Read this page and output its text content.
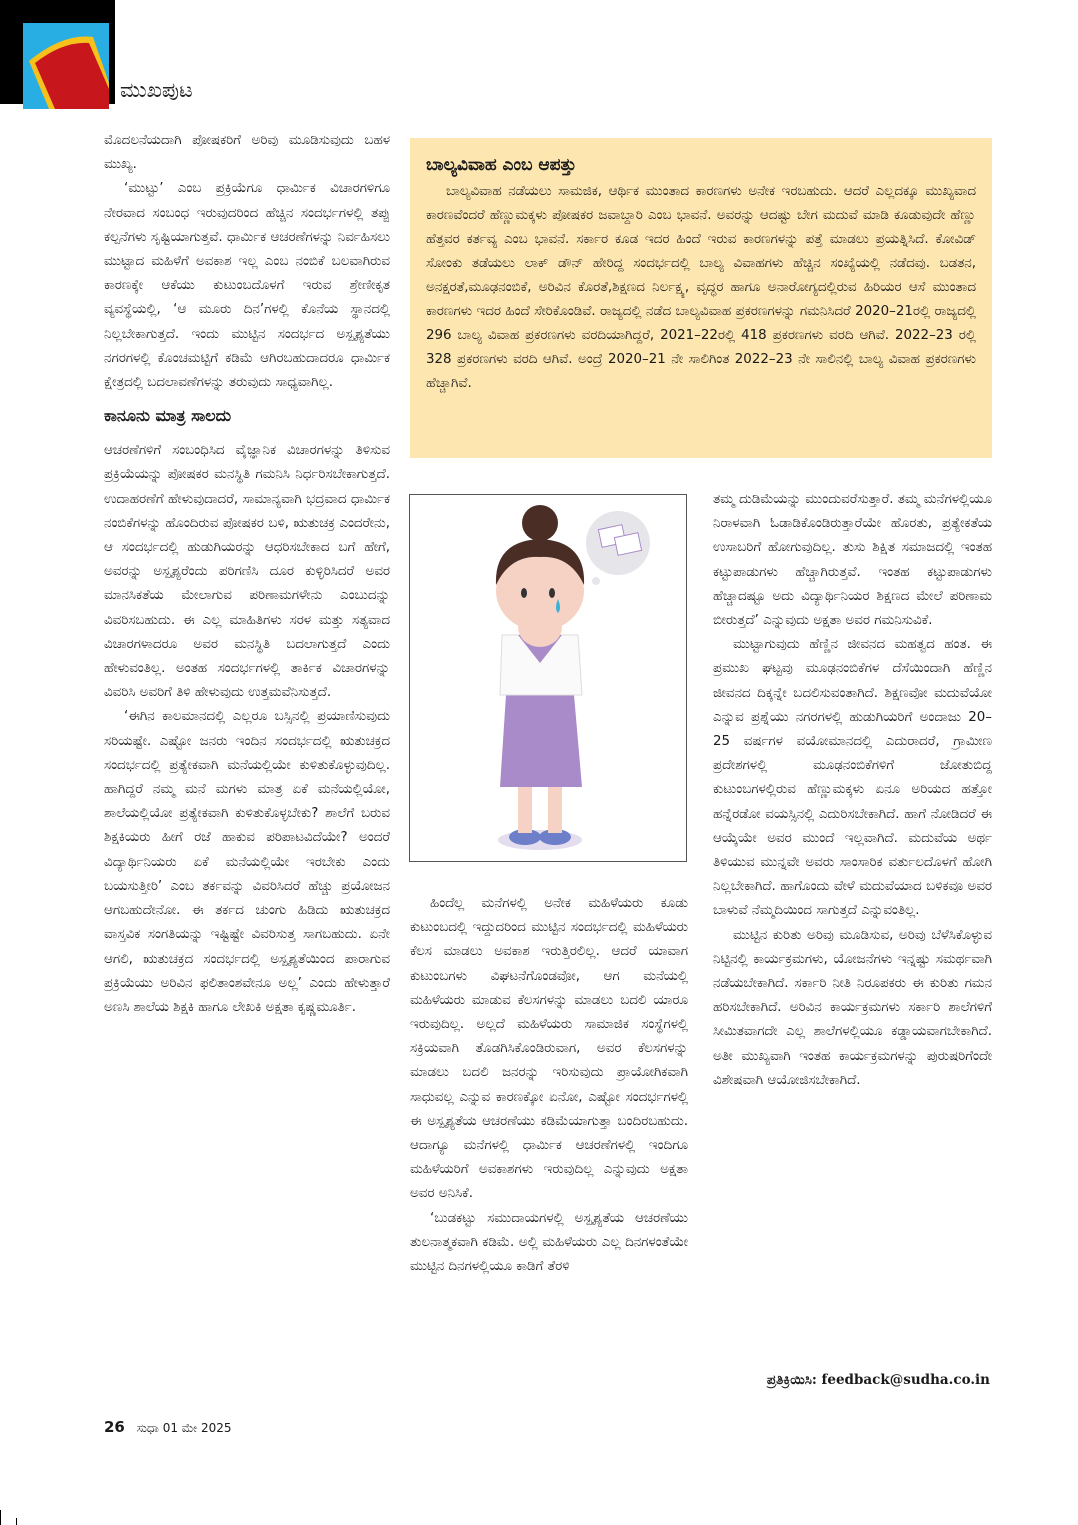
ಮುಖಪುಟ

ಮೊದಲನೆಯದಾಗಿ ಪೋಷಕರಿಗೆ ಅರಿವು ಮೂಡಿಸುವುದು ಬಹಳ ಮುಖ್ಯ.

‘ಮುಟ್ಟು’ ಎಂಬ ಪ್ರಕ್ರಿಯೆಗೂ ಧಾರ್ಮಿಕ ವಿಚಾರಗಳಿಗೂ ನೇರವಾದ ಸಂಬಂಧ ಇರುವುದರಿಂದ ಹೆಚ್ಚಿನ ಸಂದರ್ಭಗಳಲ್ಲಿ ತಪ್ಪು ಕಲ್ಪನೆಗಳು ಸೃಷ್ಟಿಯಾಗುತ್ತವೆ. ಧಾರ್ಮಿಕ ಆಚರಣೆಗಳನ್ನು ನಿರ್ವಹಿಸಲು ಮುಟ್ಟಾದ ಮಹಿಳೆಗೆ ಅವಕಾಶ ಇಲ್ಲ ಎಂಬ ನಂಬಿಕೆ ಬಲವಾಗಿರುವ ಕಾರಣಕ್ಕೇ ಆಕೆಯು ಕುಟುಂಬದೊಳಗೆ ಇರುವ ಶ್ರೇಣೀಕೃತ ವ್ಯವಸ್ಥೆಯಲ್ಲಿ, ‘ಆ ಮೂರು ದಿನ’ಗಳಲ್ಲಿ ಕೊನೆಯ ಸ್ಥಾನದಲ್ಲಿ ನಿಲ್ಲಬೇಕಾಗುತ್ತದೆ. ಇಂದು ಮುಟ್ಟಿನ ಸಂದರ್ಭದ ಅಸ್ಪೃಶ್ಯತೆಯು ನಗರಗಳಲ್ಲಿ ಕೊಂಚಮಟ್ಟಿಗೆ ಕಡಿಮೆ ಆಗಿರಬಹುದಾದರೂ ಧಾರ್ಮಿಕ ಕ್ಷೇತ್ರದಲ್ಲಿ ಬದಲಾವಣೆಗಳನ್ನು ತರುವುದು ಸಾಧ್ಯವಾಗಿಲ್ಲ.

ಕಾನೂನು ಮಾತ್ರ ಸಾಲದು

ಆಚರಣೆಗಳಿಗೆ ಸಂಬಂಧಿಸಿದ ವೈಜ್ಞಾನಿಕ ವಿಚಾರಗಳನ್ನು ತಿಳಿಸುವ ಪ್ರಕ್ರಿಯೆಯನ್ನು ಪೋಷಕರ ಮನಸ್ಥಿತಿ ಗಮನಿಸಿ ನಿರ್ಧರಿಸಬೇಕಾಗುತ್ತದೆ. ಉದಾಹರಣೆಗೆ ಹೇಳುವುದಾದರೆ, ಸಾಮಾನ್ಯವಾಗಿ ಭದ್ರವಾದ ಧಾರ್ಮಿಕ ನಂಬಿಕೆಗಳನ್ನು ಹೊಂದಿರುವ ಪೋಷಕರ ಬಳಿ, ಋತುಚಕ್ರ ಎಂದರೇನು, ಆ ಸಂದರ್ಭದಲ್ಲಿ ಹುಡುಗಿಯರನ್ನು ಆಧರಿಸಬೇಕಾದ ಬಗೆ ಹೇಗೆ, ಅವರನ್ನು ಅಸ್ಪೃಶ್ಯರೆಂದು ಪರಿಗಣಿಸಿ ದೂರ ಕುಳ್ಳಿರಿಸಿದರೆ ಅವರ ಮಾನಸಿಕತೆಯ ಮೇಲಾಗುವ ಪರಿಣಾಮಗಳೇನು ಎಂಬುದನ್ನು ವಿವರಿಸಬಹುದು. ಈ ಎಲ್ಲ ಮಾಹಿತಿಗಳು ಸರಳ ಮತ್ತು ಸತ್ಯವಾದ ವಿಚಾರಗಳಾದರೂ ಅವರ ಮನಸ್ಥಿತಿ ಬದಲಾಗುತ್ತದೆ ಎಂದು ಹೇಳುವಂತಿಲ್ಲ. ಅಂತಹ ಸಂದರ್ಭಗಳಲ್ಲಿ ತಾರ್ಕಿಕ ವಿಚಾರಗಳನ್ನು ವಿವರಿಸಿ ಅವರಿಗೆ ತಿಳಿ ಹೇಳುವುದು ಉತ್ತಮವೆನಿಸುತ್ತದೆ.

‘ಈಗಿನ ಕಾಲಮಾನದಲ್ಲಿ ಎಲ್ಲರೂ ಬಸ್ಸಿನಲ್ಲಿ ಪ್ರಯಾಣಿಸುವುದು ಸರಿಯಷ್ಟೇ. ಎಷ್ಟೋ ಜನರು ಇಂದಿನ ಸಂದರ್ಭದಲ್ಲಿ ಋತುಚಕ್ರದ ಸಂದರ್ಭದಲ್ಲಿ ಪ್ರತ್ಯೇಕವಾಗಿ ಮನೆಯಲ್ಲಿಯೇ ಕುಳಿತುಕೊಳ್ಳುವುದಿಲ್ಲ. ಹಾಗಿದ್ದರೆ ನಮ್ಮ ಮನೆ ಮಗಳು ಮಾತ್ರ ಏಕೆ ಮನೆಯಲ್ಲಿಯೋ, ಶಾಲೆಯಲ್ಲಿಯೋ ಪ್ರತ್ಯೇಕವಾಗಿ ಕುಳಿತುಕೊಳ್ಳಬೇಕು? ಶಾಲೆಗೆ ಬರುವ ಶಿಕ್ಷಕಿಯರು ಹೀಗೆ ರಜೆ ಹಾಕುವ ಪರಿಪಾಟವಿದೆಯೇ? ಅಂದರೆ ವಿದ್ಯಾರ್ಥಿನಿಯರು ಏಕೆ ಮನೆಯಲ್ಲಿಯೇ ಇರಬೇಕು ಎಂದು ಬಯಸುತ್ತೀರಿ’ ಎಂಬ ತರ್ಕವನ್ನು ವಿವರಿಸಿದರೆ ಹೆಚ್ಚು ಪ್ರಯೋಜನ ಆಗಬಹುದೇನೋ. ಈ ತರ್ಕದ ಚುಂಗು ಹಿಡಿದು ಋತುಚಕ್ರದ ವಾಸ್ತವಿಕ ಸಂಗತಿಯನ್ನು ಇಷ್ಟಿಷ್ಟೇ ವಿವರಿಸುತ್ತ ಸಾಗಬಹುದು. ಏನೇ ಆಗಲಿ, ಋತುಚಕ್ರದ ಸಂದರ್ಭದಲ್ಲಿ ಅಸ್ಪೃಶ್ಯತೆಯಿಂದ ಪಾರಾಗುವ ಪ್ರಕ್ರಿಯೆಯು ಅರಿವಿನ ಫಲಿತಾಂಶವೇನೂ ಅಲ್ಲ’ ಎಂದು ಹೇಳುತ್ತಾರೆ ಅಣಸಿ ಶಾಲೆಯ ಶಿಕ್ಷಕಿ ಹಾಗೂ ಲೇಖಕಿ ಅಕ್ಷತಾ ಕೃಷ್ಣಮೂರ್ತಿ.

ಬಾಲ್ಯವಿವಾಹ ಎಂಬ ಆಪತ್ತು

ಬಾಲ್ಯವಿವಾಹ ನಡೆಯಲು ಸಾಮಜಿಕ, ಆರ್ಥಿಕ ಮುಂತಾದ ಕಾರಣಗಳು ಅನೇಕ ಇರಬಹುದು. ಆದರೆ ಎಲ್ಲದಕ್ಕೂ ಮುಖ್ಯವಾದ ಕಾರಣವೆಂದರೆ ಹೆಣ್ಣುಮಕ್ಕಳು ಪೋಷಕರ ಜವಾಬ್ದಾರಿ ಎಂಬ ಭಾವನೆ. ಅವರನ್ನು ಆದಷ್ಟು ಬೇಗ ಮದುವೆ ಮಾಡಿ ಕೂಡುವುದೇ ಹೆಣ್ಣು ಹೆತ್ತವರ ಕರ್ತವ್ಯ ಎಂಬ ಭಾವನೆ. ಸರ್ಕಾರ ಕೂಡ ಇದರ ಹಿಂದೆ ಇರುವ ಕಾರಣಗಳನ್ನು ಪತ್ತೆ ಮಾಡಲು ಪ್ರಯತ್ನಿಸಿದೆ. ಕೋವಿಡ್ ಸೋಂಕು ತಡೆಯಲು ಲಾಕ್ ಡೌನ್ ಹೇರಿದ್ದ ಸಂದರ್ಭದಲ್ಲಿ ಬಾಲ್ಯ ವಿವಾಹಗಳು ಹೆಚ್ಚಿನ ಸಂಖ್ಯೆಯಲ್ಲಿ ನಡೆದವು. ಬಡತನ, ಅನಕ್ಷರತೆ,ಮೂಢನಂಬಿಕೆ, ಅರಿವಿನ ಕೊರತೆ,ಶಿಕ್ಷಣದ ನಿರ್ಲಕ್ಷ್ಯ, ವೃದ್ಧರ ಹಾಗೂ ಅನಾರೋಗ್ಯದಲ್ಲಿರುವ ಹಿರಿಯರ ಆಸೆ ಮುಂತಾದ ಕಾರಣಗಳು ಇದರ ಹಿಂದೆ ಸೇರಿಕೊಂಡಿವೆ. ರಾಜ್ಯದಲ್ಲಿ ನಡೆದ ಬಾಲ್ಯವಿವಾಹ ಪ್ರಕರಣಗಳನ್ನು ಗಮನಿಸಿದರೆ 2020–21ರಲ್ಲಿ ರಾಜ್ಯದಲ್ಲಿ 296 ಬಾಲ್ಯ ವಿವಾಹ ಪ್ರಕರಣಗಳು ವರದಿಯಾಗಿದ್ದರೆ, 2021–22ರಲ್ಲಿ 418 ಪ್ರಕರಣಗಳು ವರದಿ ಆಗಿವೆ. 2022–23 ರಲ್ಲಿ 328 ಪ್ರಕರಣಗಳು ವರದಿ ಆಗಿವೆ. ಅಂದ್ರೆ 2020–21 ನೇ ಸಾಲಿಗಿಂತ 2022–23 ನೇ ಸಾಲಿನಲ್ಲಿ ಬಾಲ್ಯ ವಿವಾಹ ಪ್ರಕರಣಗಳು ಹೆಚ್ಚಾಗಿವೆ.

ಹಿಂದೆಲ್ಲ ಮನೆಗಳಲ್ಲಿ ಅನೇಕ ಮಹಿಳೆಯರು ಕೂಡು ಕುಟುಂಬದಲ್ಲಿ ಇದ್ದುದರಿಂದ ಮುಟ್ಟಿನ ಸಂದರ್ಭದಲ್ಲಿ ಮಹಿಳೆಯರು ಕೆಲಸ ಮಾಡಲು ಅವಕಾಶ ಇರುತ್ತಿರಲಿಲ್ಲ. ಆದರೆ ಯಾವಾಗ ಕುಟುಂಬಗಳು ವಿಘಟನೆಗೊಂಡವೋ, ಆಗ ಮನೆಯಲ್ಲಿ ಮಹಿಳೆಯರು ಮಾಡುವ ಕೆಲಸಗಳನ್ನು ಮಾಡಲು ಬದಲಿ ಯಾರೂ ಇರುವುದಿಲ್ಲ. ಅಲ್ಲದೆ ಮಹಿಳೆಯರು ಸಾಮಾಜಿಕ ಸಂಸ್ಥೆಗಳಲ್ಲಿ ಸಕ್ರಿಯವಾಗಿ ತೊಡಗಿಸಿಕೊಂಡಿರುವಾಗ, ಅವರ ಕೆಲಸಗಳನ್ನು ಮಾಡಲು ಬದಲಿ ಜನರನ್ನು ಇರಿಸುವುದು ಪ್ರಾಯೋಗಿಕವಾಗಿ ಸಾಧುವಲ್ಲ ಎನ್ನುವ ಕಾರಣಕ್ಕೋ ಏನೋ, ಎಷ್ಟೋ ಸಂದರ್ಭಗಳಲ್ಲಿ ಈ ಅಸ್ಪೃಶ್ಯತೆಯ ಆಚರಣೆಯು ಕಡಿಮೆಯಾಗುತ್ತಾ ಬಂದಿರಬಹುದು. ಆದಾಗ್ಯೂ ಮನೆಗಳಲ್ಲಿ ಧಾರ್ಮಿಕ ಆಚರಣೆಗಳಲ್ಲಿ ಇಂದಿಗೂ ಮಹಿಳೆಯರಿಗೆ ಅವಕಾಶಗಳು ಇರುವುದಿಲ್ಲ ಎನ್ನುವುದು ಅಕ್ಷತಾ ಅವರ ಅನಿಸಿಕೆ.

‘ಬುಡಕಟ್ಟು ಸಮುದಾಯಗಳಲ್ಲಿ ಅಸ್ಪೃಶ್ಯತೆಯ ಆಚರಣೆಯು ತುಲನಾತ್ಮಕವಾಗಿ ಕಡಿಮೆ. ಅಲ್ಲಿ ಮಹಿಳೆಯರು ಎಲ್ಲ ದಿನಗಳಂತೆಯೇ ಮುಟ್ಟಿನ ದಿನಗಳಲ್ಲಿಯೂ ಕಾಡಿಗೆ ತೆರಳಿ

ತಮ್ಮ ದುಡಿಮೆಯನ್ನು ಮುಂದುವರೆಸುತ್ತಾರೆ. ತಮ್ಮ ಮನೆಗಳಲ್ಲಿಯೂ ನಿರಾಳವಾಗಿ ಓಡಾಡಿಕೊಂಡಿರುತ್ತಾರೆಯೇ ಹೊರತು, ಪ್ರತ್ಯೇಕತೆಯ ಉಸಾಬರಿಗೆ ಹೋಗುವುದಿಲ್ಲ. ತುಸು ಶಿಕ್ಷಿತ ಸಮಾಜದಲ್ಲಿ ಇಂತಹ ಕಟ್ಟುಪಾಡುಗಳು ಹೆಚ್ಚಾಗಿರುತ್ತವೆ. ಇಂತಹ ಕಟ್ಟುಪಾಡುಗಳು ಹೆಚ್ಚಾದಷ್ಟೂ ಅದು ವಿದ್ಯಾರ್ಥಿನಿಯರ ಶಿಕ್ಷಣದ ಮೇಲೆ ಪರಿಣಾಮ ಬೀರುತ್ತದೆ’ ಎನ್ನುವುದು ಅಕ್ಷತಾ ಅವರ ಗಮನಿಸುವಿಕೆ.

ಮುಟ್ಟಾಗುವುದು ಹೆಣ್ಣಿನ ಜೀವನದ ಮಹತ್ವದ ಹಂತ. ಈ ಪ್ರಮುಖ ಘಟ್ಟವು ಮೂಢನಂಬಿಕೆಗಳ ದೆಸೆಯಿಂದಾಗಿ ಹೆಣ್ಣಿನ ಜೀವನದ ದಿಕ್ಕನ್ನೇ ಬದಲಿಸುವಂತಾಗಿದೆ. ಶಿಕ್ಷಣವೋ ಮದುವೆಯೋ ಎನ್ನುವ ಪ್ರಶ್ನೆಯು ನಗರಗಳಲ್ಲಿ ಹುಡುಗಿಯರಿಗೆ ಅಂದಾಜು 20–25 ವರ್ಷಗಳ ವಯೋಮಾನದಲ್ಲಿ ಎದುರಾದರೆ, ಗ್ರಾಮೀಣ ಪ್ರದೇಶಗಳಲ್ಲಿ ಮೂಢನಂಬಿಕೆಗಳಿಗೆ ಜೋತುಬಿದ್ದ ಕುಟುಂಬಗಳಲ್ಲಿರುವ ಹೆಣ್ಣುಮಕ್ಕಳು ಏನೂ ಅರಿಯದ ಹತ್ತೋ ಹನ್ನೆರಡೋ ವಯಸ್ಸಿನಲ್ಲಿ ಎದುರಿಸಬೇಕಾಗಿದೆ. ಹಾಗೆ ನೋಡಿದರೆ ಈ ಆಯ್ಕೆಯೇ ಅವರ ಮುಂದೆ ಇಲ್ಲವಾಗಿದೆ. ಮದುವೆಯ ಅರ್ಥ ತಿಳಿಯುವ ಮುನ್ನವೇ ಅವರು ಸಾಂಸಾರಿಕ ವರ್ತುಲದೊಳಗೆ ಹೋಗಿ ನಿಲ್ಲಬೇಕಾಗಿದೆ. ಹಾಗೊಂದು ವೇಳೆ ಮದುವೆಯಾದ ಬಳಿಕವೂ ಅವರ ಬಾಳುವೆ ನೆಮ್ಮದಿಯಿಂದ ಸಾಗುತ್ತದೆ ಎನ್ನುವಂತಿಲ್ಲ.

ಮುಟ್ಟಿನ ಕುರಿತು ಅರಿವು ಮೂಡಿಸುವ, ಅರಿವು ಬೆಳೆಸಿಕೊಳ್ಳುವ ನಿಟ್ಟಿನಲ್ಲಿ ಕಾರ್ಯಕ್ರಮಗಳು, ಯೋಜನೆಗಳು ಇನ್ನಷ್ಟು ಸಮರ್ಥವಾಗಿ ನಡೆಯಬೇಕಾಗಿದೆ. ಸರ್ಕಾರಿ ನೀತಿ ನಿರೂಪಕರು ಈ ಕುರಿತು ಗಮನ ಹರಿಸಬೇಕಾಗಿದೆ. ಅರಿವಿನ ಕಾರ್ಯಕ್ರಮಗಳು ಸರ್ಕಾರಿ ಶಾಲೆಗಳಿಗೆ ಸೀಮಿತವಾಗದೇ ಎಲ್ಲ ಶಾಲೆಗಳಲ್ಲಿಯೂ ಕಡ್ಡಾಯವಾಗಬೇಕಾಗಿದೆ. ಅತೀ ಮುಖ್ಯವಾಗಿ ಇಂತಹ ಕಾರ್ಯಕ್ರಮಗಳನ್ನು ಪುರುಷರಿಗೆಂದೇ ವಿಶೇಷವಾಗಿ ಆಯೋಜಿಸಬೇಕಾಗಿದೆ.

ಪ್ರತಿಕ್ರಿಯಿಸಿ: feedback@sudha.co.in
26 ಸುಧಾ 01 ಮೇ 2025
